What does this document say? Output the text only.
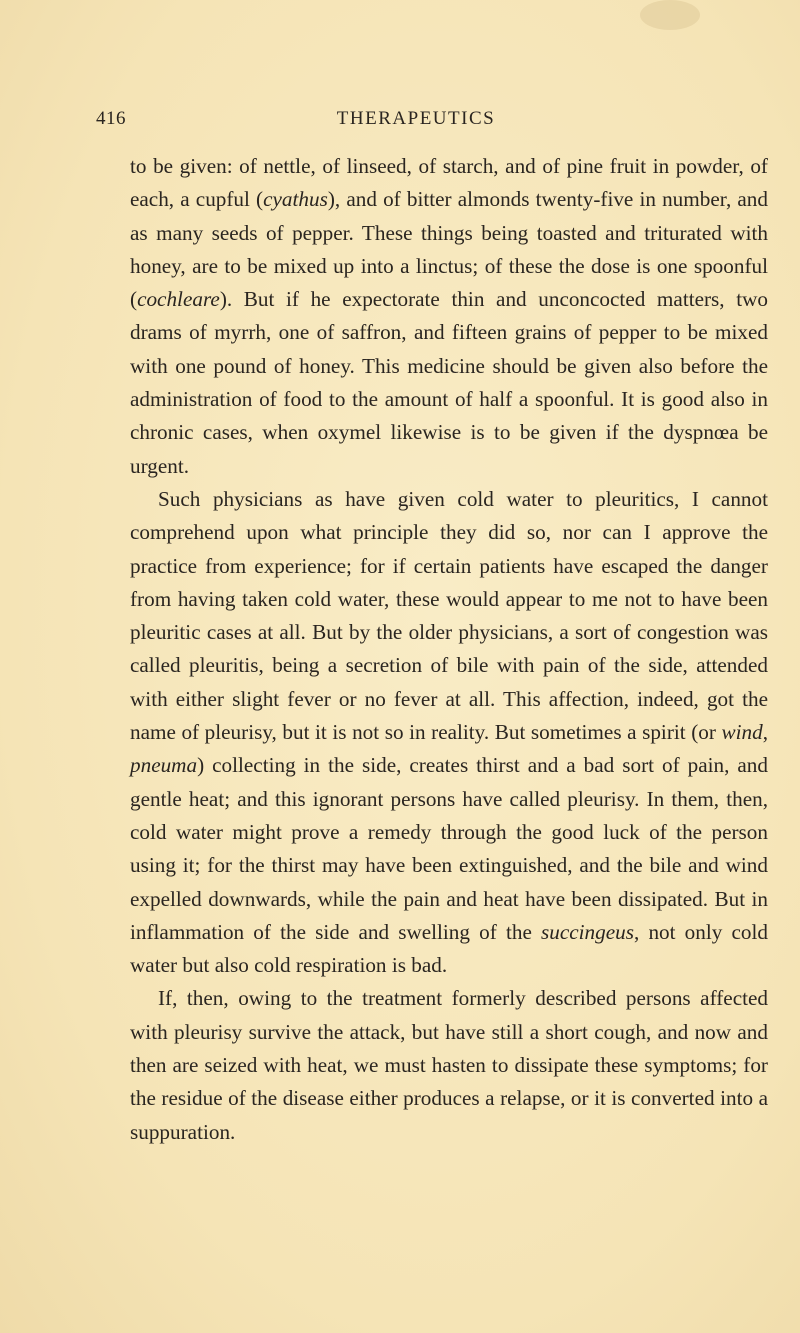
416	THERAPEUTICS

to be given: of nettle, of linseed, of starch, and of pine fruit in powder, of each, a cupful (cyathus), and of bitter almonds twenty-five in number, and as many seeds of pepper. These things being toasted and triturated with honey, are to be mixed up into a linctus; of these the dose is one spoonful (cochleare). But if he expectorate thin and unconcocted matters, two drams of myrrh, one of saffron, and fifteen grains of pepper to be mixed with one pound of honey. This medicine should be given also before the administration of food to the amount of half a spoonful. It is good also in chronic cases, when oxymel likewise is to be given if the dyspnœa be urgent.

Such physicians as have given cold water to pleuritics, I cannot comprehend upon what principle they did so, nor can I approve the practice from experience; for if certain patients have escaped the danger from having taken cold water, these would appear to me not to have been pleuritic cases at all. But by the older physicians, a sort of congestion was called pleuritis, being a secretion of bile with pain of the side, attended with either slight fever or no fever at all. This affection, indeed, got the name of pleurisy, but it is not so in reality. But sometimes a spirit (or wind, pneuma) collecting in the side, creates thirst and a bad sort of pain, and gentle heat; and this ignorant persons have called pleurisy. In them, then, cold water might prove a remedy through the good luck of the person using it; for the thirst may have been extinguished, and the bile and wind expelled downwards, while the pain and heat have been dissipated. But in inflammation of the side and swelling of the succingeus, not only cold water but also cold respiration is bad.

If, then, owing to the treatment formerly described persons affected with pleurisy survive the attack, but have still a short cough, and now and then are seized with heat, we must hasten to dissipate these symptoms; for the residue of the disease either produces a relapse, or it is converted into a suppuration.
